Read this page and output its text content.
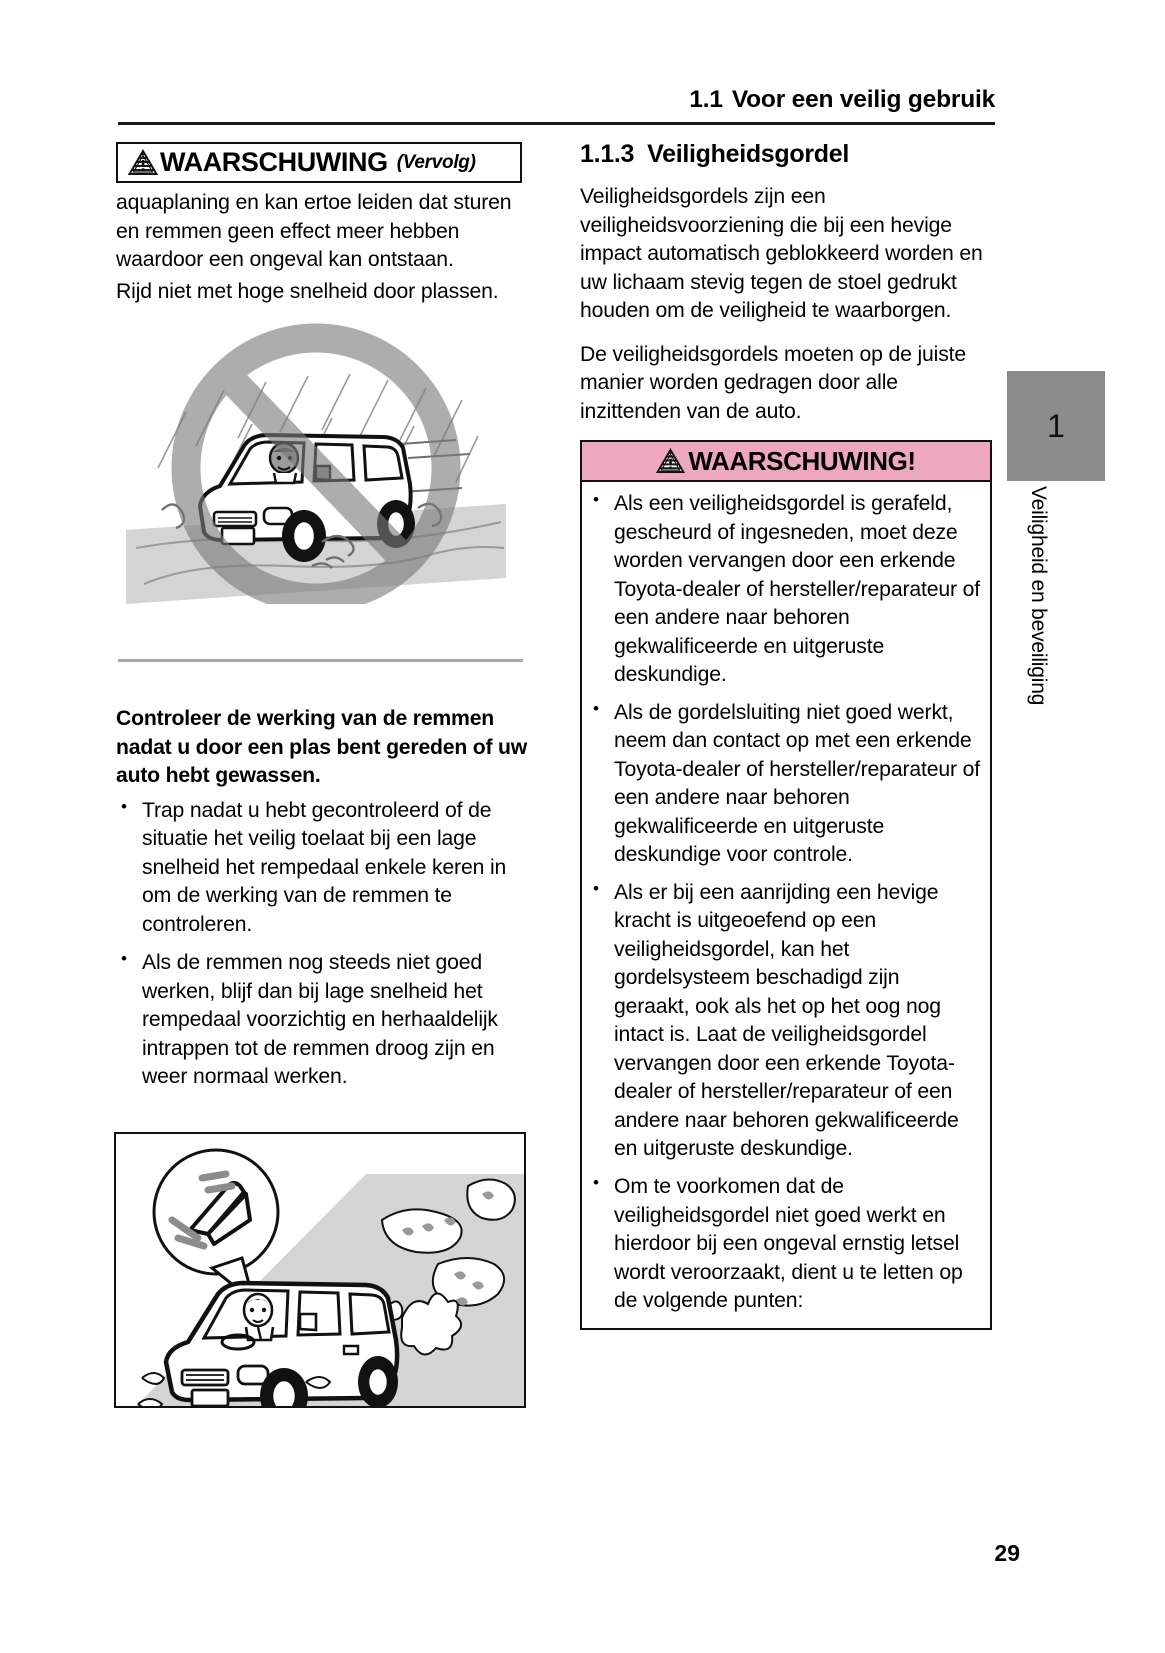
1.1 Voor een veilig gebruik
WAARSCHUWING (Vervolg)

aquaplaning en kan ertoe leiden dat sturen en remmen geen effect meer hebben waardoor een ongeval kan ontstaan.

Rijd niet met hoge snelheid door plassen.

Controleer de werking van de remmen nadat u door een plas bent gereden of uw auto hebt gewassen.

• Trap nadat u hebt gecontroleerd of de situatie het veilig toelaat bij een lage snelheid het rempedaal enkele keren in om de werking van de remmen te controleren.
• Als de remmen nog steeds niet goed werken, blijf dan bij lage snelheid het rempedaal voorzichtig en herhaaldelijk intrappen tot de remmen droog zijn en weer normaal werken.
1.1.3 Veiligheidsgordel

Veiligheidsgordels zijn een veiligheidsvoorziening die bij een hevige impact automatisch geblokkeerd worden en uw lichaam stevig tegen de stoel gedrukt houden om de veiligheid te waarborgen.

De veiligheidsgordels moeten op de juiste manier worden gedragen door alle inzittenden van de auto.

WAARSCHUWING!
• Als een veiligheidsgordel is gerafeld, gescheurd of ingesneden, moet deze worden vervangen door een erkende Toyota-dealer of hersteller/reparateur of een andere naar behoren gekwalificeerde en uitgeruste deskundige.
• Als de gordelsluiting niet goed werkt, neem dan contact op met een erkende Toyota-dealer of hersteller/reparateur of een andere naar behoren gekwalificeerde en uitgeruste deskundige voor controle.
• Als er bij een aanrijding een hevige kracht is uitgeoefend op een veiligheidsgordel, kan het gordelsysteem beschadigd zijn geraakt, ook als het op het oog nog intact is. Laat de veiligheidsgordel vervangen door een erkende Toyota-dealer of hersteller/reparateur of een andere naar behoren gekwalificeerde en uitgeruste deskundige.
• Om te voorkomen dat de veiligheidsgordel niet goed werkt en hierdoor bij een ongeval ernstig letsel wordt veroorzaakt, dient u te letten op de volgende punten:
1
Veiligheid en beveiliging
29
